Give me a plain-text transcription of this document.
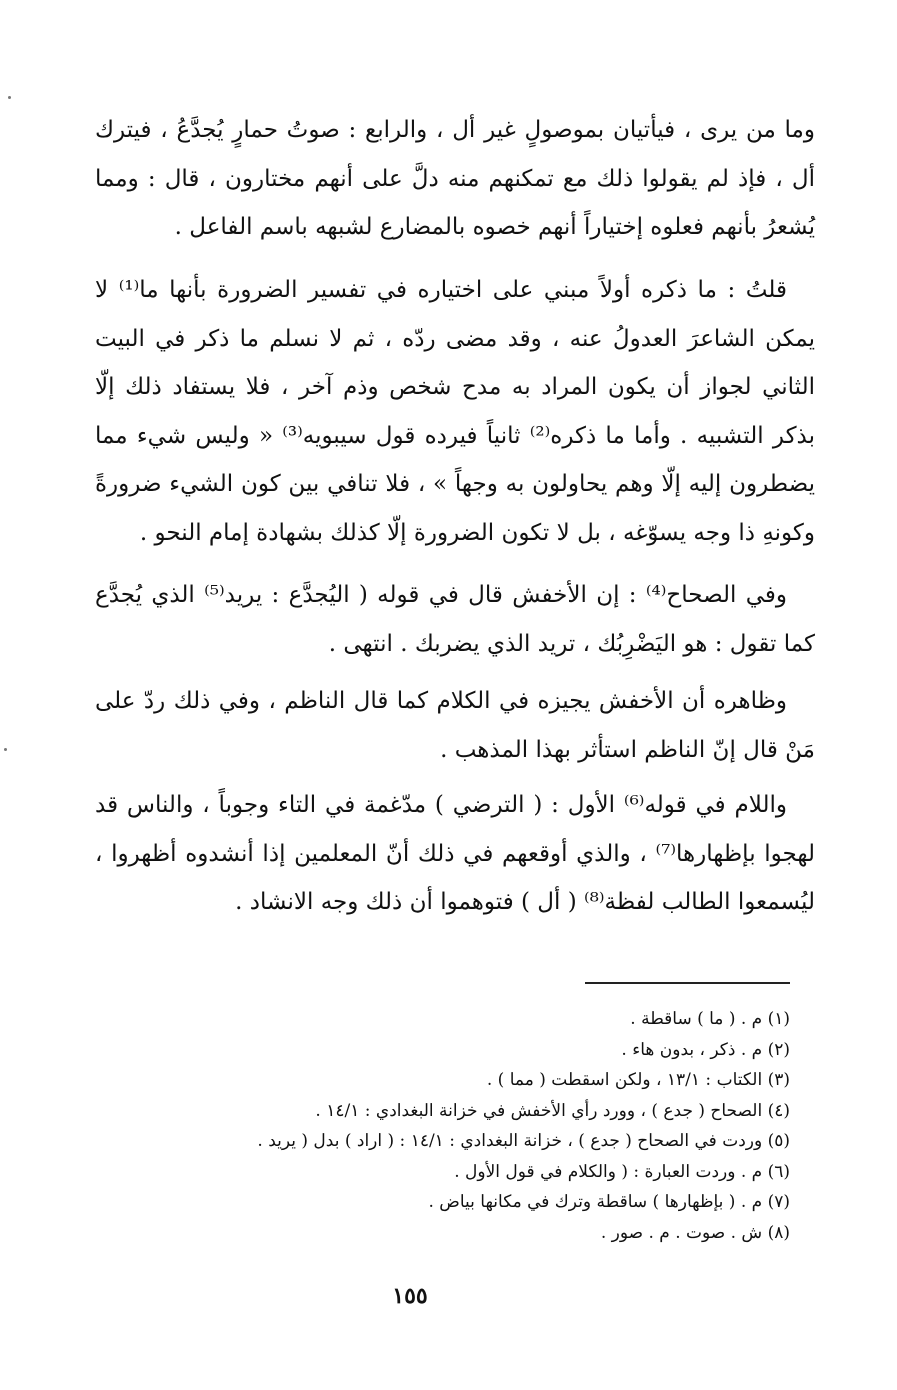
وما من يرى ، فيأتيان بموصولٍ غير أل ، والرابع : صوتُ حمارٍ يُجدَّعُ ، فيترك أل ، فإذ لم يقولوا ذلك مع تمكنهم منه دلَّ على أنهم مختارون ، قال : ومما يُشعرُ بأنهم فعلوه إختياراً أنهم خصوه بالمضارع لشبهه باسم الفاعل .

قلتُ : ما ذكره أولاً مبني على اختياره في تفسير الضرورة بأنها ما⁽¹⁾ لا يمكن الشاعرَ العدولُ عنه ، وقد مضى ردّه ، ثم لا نسلم ما ذكر في البيت الثاني لجواز أن يكون المراد به مدح شخص وذم آخر ، فلا يستفاد ذلك إلّا بذكر التشبيه . وأما ما ذكره⁽²⁾ ثانياً فيرده قول سيبويه⁽³⁾ « وليس شيء مما يضطرون إليه إلّا وهم يحاولون به وجهاً » ، فلا تنافي بين كون الشيء ضرورةً وكونهِ ذا وجه يسوّغه ، بل لا تكون الضرورة إلّا كذلك بشهادة إمام النحو .

وفي الصحاح⁽⁴⁾ : إن الأخفش قال في قوله ( اليُجدَّع : يريد⁽⁵⁾ الذي يُجدَّع كما تقول : هو اليَضْرِبُك ، تريد الذي يضربك . انتهى .

وظاهره أن الأخفش يجيزه في الكلام كما قال الناظم ، وفي ذلك ردّ على مَنْ قال إنّ الناظم استأثر بهذا المذهب .

واللام في قوله⁽⁶⁾ الأول : ( الترضي ) مدّغمة في التاء وجوباً ، والناس قد لهجوا بإظهارها⁽⁷⁾ ، والذي أوقعهم في ذلك أنّ المعلمين إذا أنشدوه أظهروا ، ليُسمعوا الطالب لفظة⁽⁸⁾ ( أل ) فتوهموا أن ذلك وجه الانشاد .

(١) م . ( ما ) ساقطة .
(٢) م . ذكر ، بدون هاء .
(٣) الكتاب : ١٣/١ ، ولكن اسقطت ( مما ) .
(٤) الصحاح ( جدع ) ، وورد رأي الأخفش في خزانة البغدادي : ١٤/١ .
(٥) وردت في الصحاح ( جدع ) ، خزانة البغدادي : ١٤/١ : ( اراد ) بدل ( يريد .
(٦) م . وردت العبارة : ( والكلام في قول الأول .
(٧) م . ( بإظهارها ) ساقطة وترك في مكانها بياض .
(٨) ش . صوت . م . صور .
١٥٥
